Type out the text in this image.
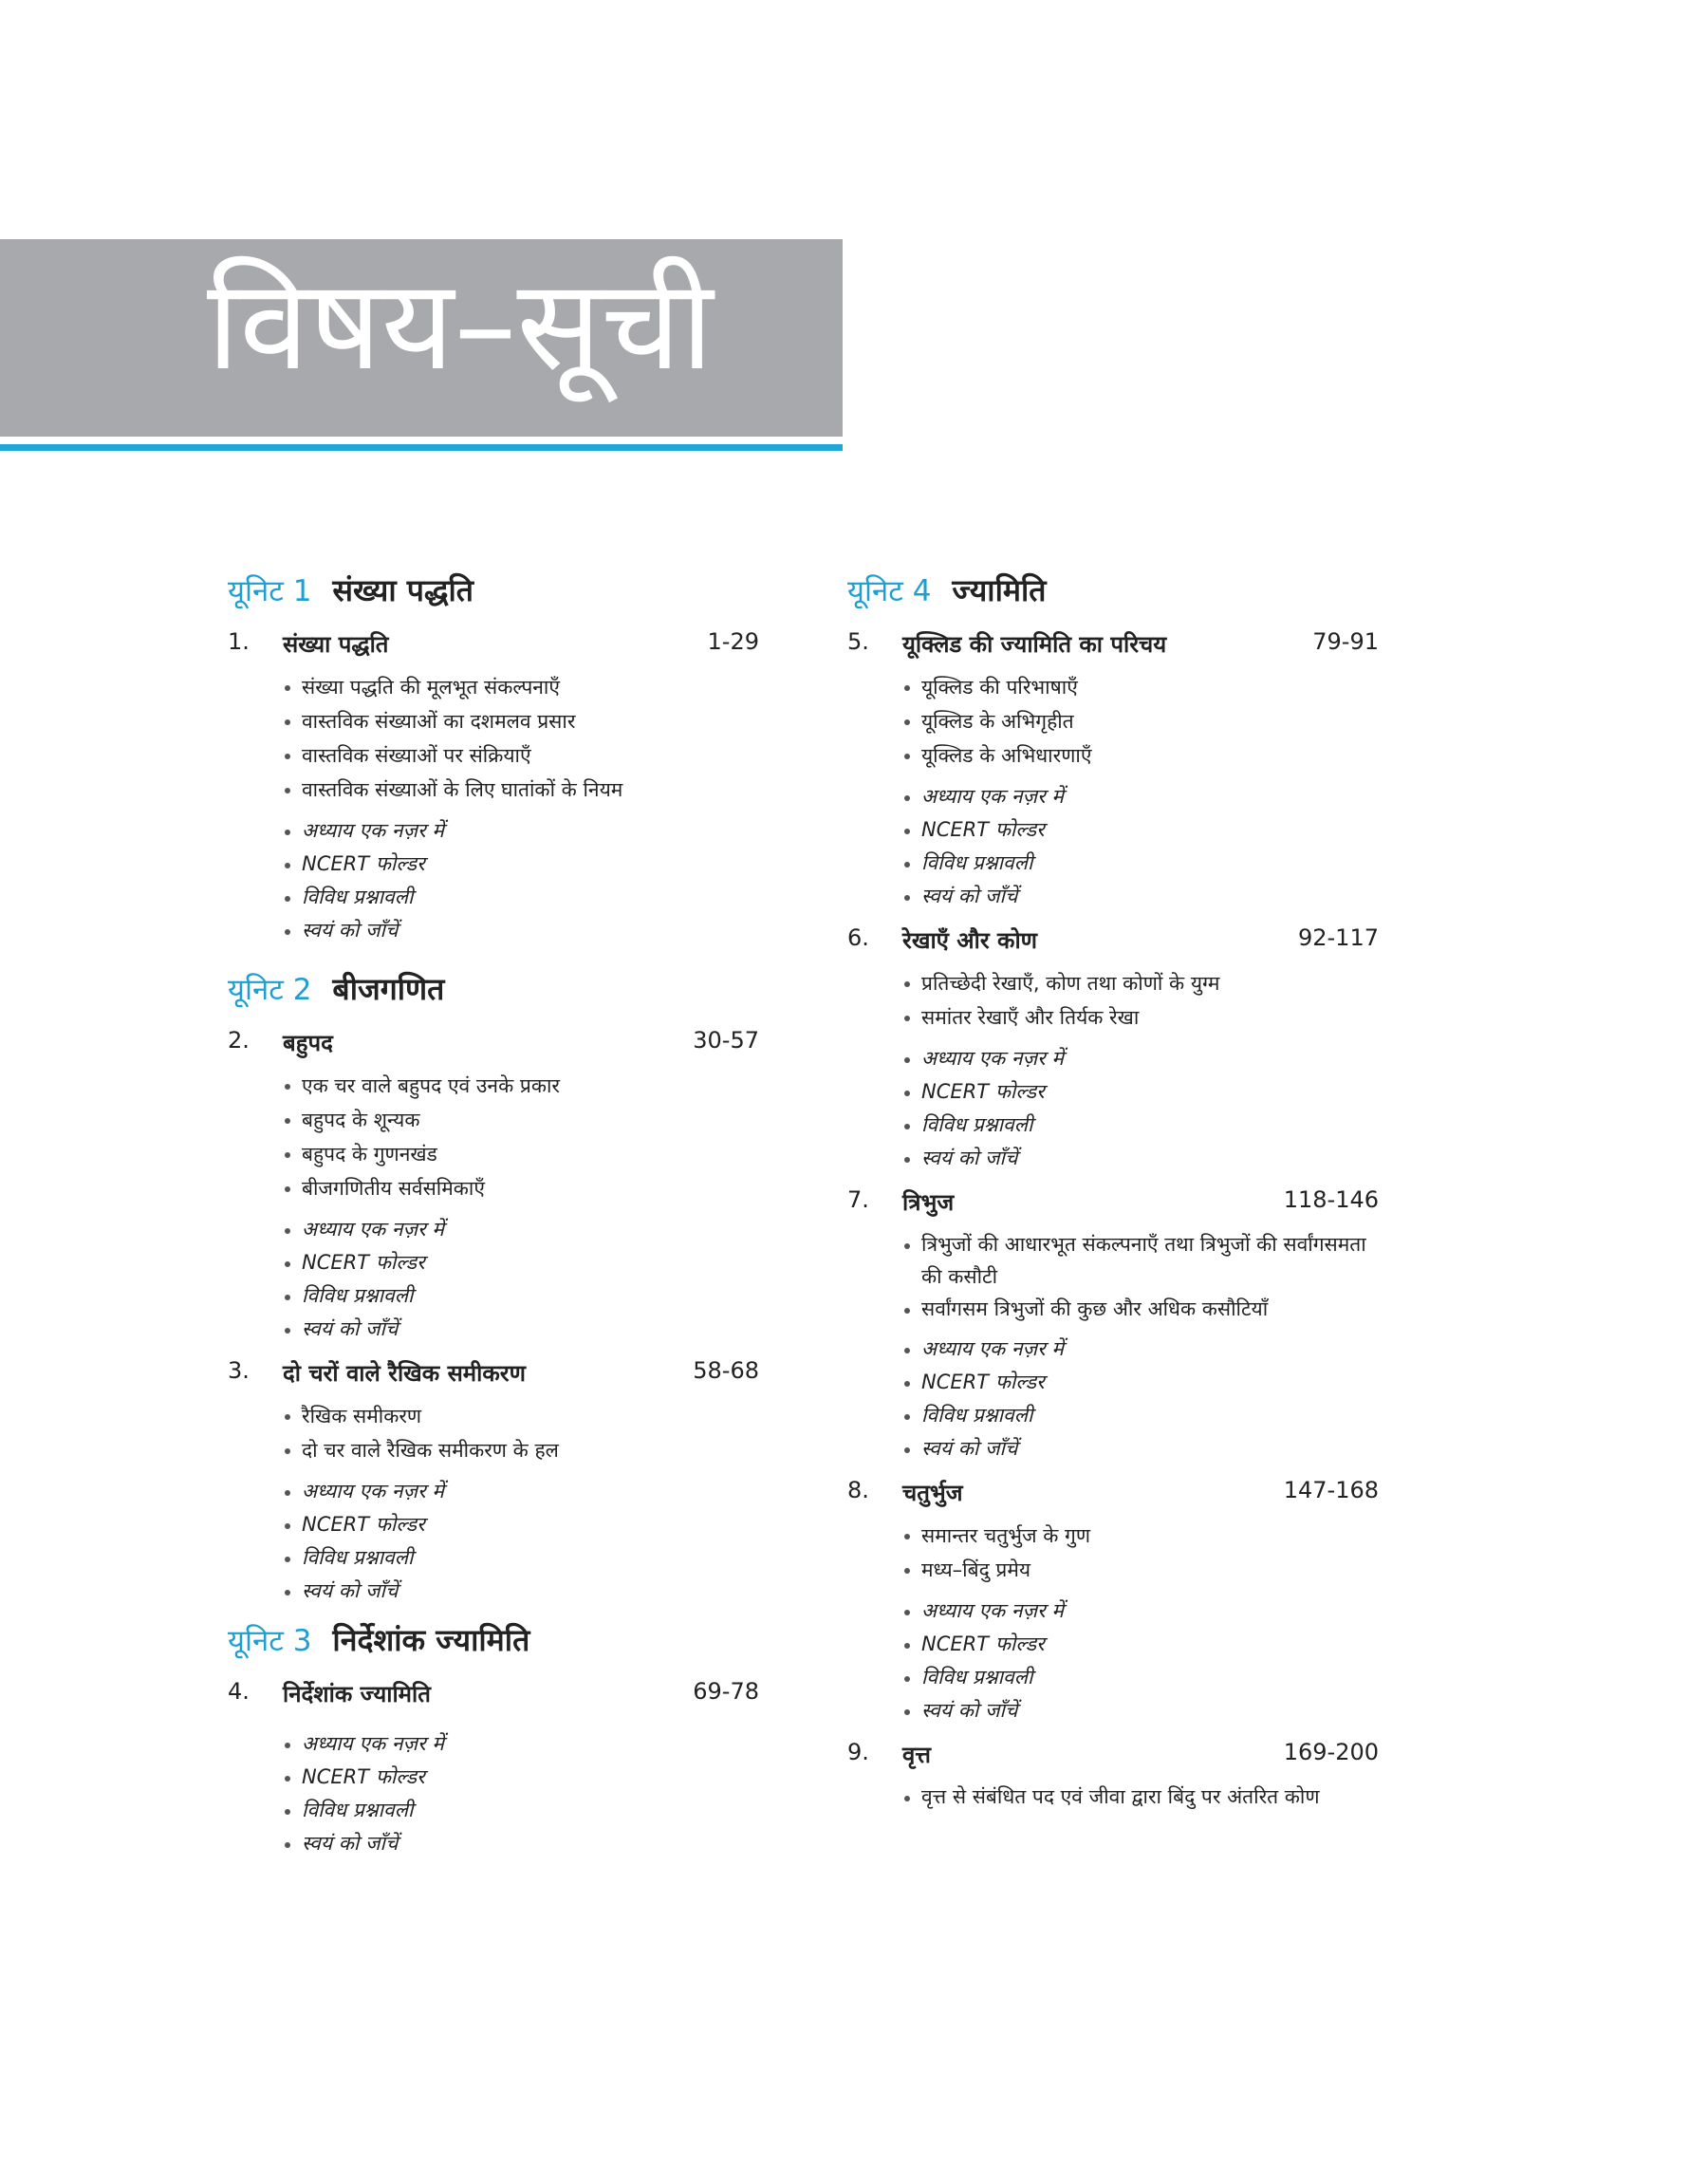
विषय–सूची
यूनिट 1 संख्या पद्धति
1. संख्या पद्धति	1-29
संख्या पद्धति की मूलभूत संकल्पनाएँ
वास्तविक संख्याओं का दशमलव प्रसार
वास्तविक संख्याओं पर संक्रियाएँ
वास्तविक संख्याओं के लिए घातांकों के नियम
अध्याय एक नज़र में
NCERT फोल्डर
विविध प्रश्नावली
स्वयं को जाँचें
यूनिट 2 बीजगणित
2. बहुपद	30-57
एक चर वाले बहुपद एवं उनके प्रकार
बहुपद के शून्यक
बहुपद के गुणनखंड
बीजगणितीय सर्वसमिकाएँ
अध्याय एक नज़र में
NCERT फोल्डर
विविध प्रश्नावली
स्वयं को जाँचें
3. दो चरों वाले रैखिक समीकरण	58-68
रैखिक समीकरण
दो चर वाले रैखिक समीकरण के हल
अध्याय एक नज़र में
NCERT फोल्डर
विविध प्रश्नावली
स्वयं को जाँचें
यूनिट 3 निर्देशांक ज्यामिति
4. निर्देशांक ज्यामिति	69-78
अध्याय एक नज़र में
NCERT फोल्डर
विविध प्रश्नावली
स्वयं को जाँचें
यूनिट 4 ज्यामिति
5. यूक्लिड की ज्यामिति का परिचय	79-91
यूक्लिड की परिभाषाएँ
यूक्लिड के अभिगृहीत
यूक्लिड के अभिधारणाएँ
अध्याय एक नज़र में
NCERT फोल्डर
विविध प्रश्नावली
स्वयं को जाँचें
6. रेखाएँ और कोण	92-117
प्रतिच्छेदी रेखाएँ, कोण तथा कोणों के युग्म
समांतर रेखाएँ और तिर्यक रेखा
अध्याय एक नज़र में
NCERT फोल्डर
विविध प्रश्नावली
स्वयं को जाँचें
7. त्रिभुज	118-146
त्रिभुजों की आधारभूत संकल्पनाएँ तथा त्रिभुजों की सर्वांगसमता की कसौटी
सर्वांगसम त्रिभुजों की कुछ और अधिक कसौटियाँ
अध्याय एक नज़र में
NCERT फोल्डर
विविध प्रश्नावली
स्वयं को जाँचें
8. चतुर्भुज	147-168
समान्तर चतुर्भुज के गुण
मध्य–बिंदु प्रमेय
अध्याय एक नज़र में
NCERT फोल्डर
विविध प्रश्नावली
स्वयं को जाँचें
9. वृत्त	169-200
वृत्त से संबंधित पद एवं जीवा द्वारा बिंदु पर अंतरित कोण
